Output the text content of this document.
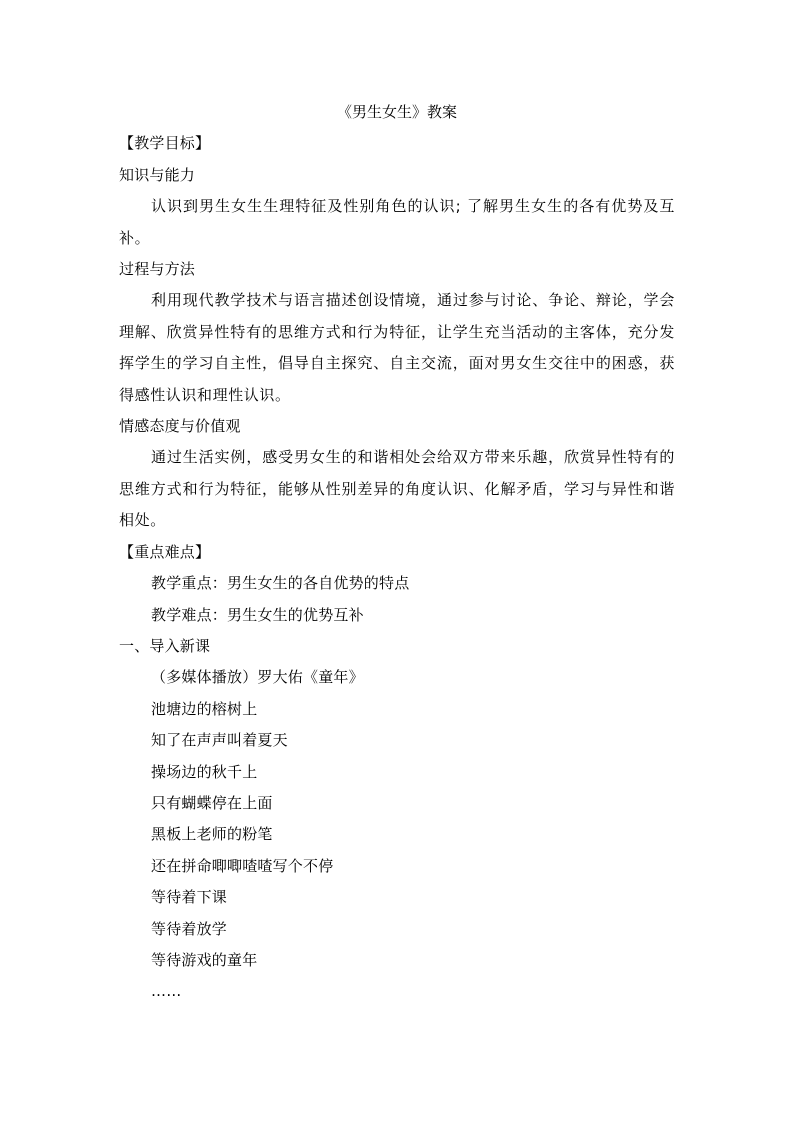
《男生女生》教案
【教学目标】
知识与能力
认识到男生女生生理特征及性别角色的认识; 了解男生女生的各有优势及互补。
过程与方法
利用现代教学技术与语言描述创设情境，通过参与讨论、争论、辩论，学会理解、欣赏异性特有的思维方式和行为特征，让学生充当活动的主客体，充分发挥学生的学习自主性，倡导自主探究、自主交流，面对男女生交往中的困惑，获得感性认识和理性认识。
情感态度与价值观
通过生活实例，感受男女生的和谐相处会给双方带来乐趣，欣赏异性特有的思维方式和行为特征，能够从性别差异的角度认识、化解矛盾，学习与异性和谐相处。
【重点难点】
教学重点：男生女生的各自优势的特点
教学难点：男生女生的优势互补
一、导入新课
（多媒体播放）罗大佑《童年》
池塘边的榕树上
知了在声声叫着夏天
操场边的秋千上
只有蝴蝶停在上面
黑板上老师的粉笔
还在拼命唧唧喳喳写个不停
等待着下课
等待着放学
等待游戏的童年
……
